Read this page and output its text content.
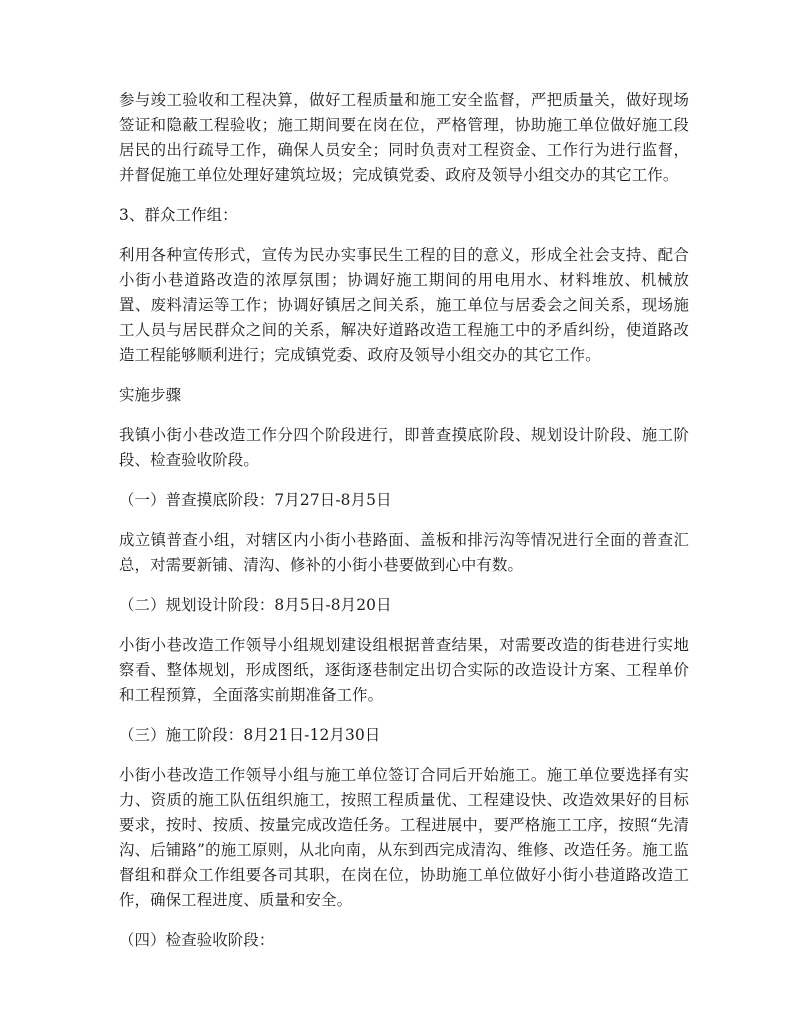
参与竣工验收和工程决算，做好工程质量和施工安全监督，严把质量关，做好现场签证和隐蔽工程验收；施工期间要在岗在位，严格管理，协助施工单位做好施工段居民的出行疏导工作，确保人员安全；同时负责对工程资金、工作行为进行监督，并督促施工单位处理好建筑垃圾；完成镇党委、政府及领导小组交办的其它工作。

3、群众工作组：

利用各种宣传形式，宣传为民办实事民生工程的目的意义，形成全社会支持、配合小街小巷道路改造的浓厚氛围；协调好施工期间的用电用水、材料堆放、机械放置、废料清运等工作；协调好镇居之间关系，施工单位与居委会之间关系，现场施工人员与居民群众之间的关系，解决好道路改造工程施工中的矛盾纠纷，使道路改造工程能够顺利进行；完成镇党委、政府及领导小组交办的其它工作。

实施步骤

我镇小街小巷改造工作分四个阶段进行，即普查摸底阶段、规划设计阶段、施工阶段、检查验收阶段。

（一）普查摸底阶段：7月27日-8月5日

成立镇普查小组，对辖区内小街小巷路面、盖板和排污沟等情况进行全面的普查汇总，对需要新铺、清沟、修补的小街小巷要做到心中有数。

（二）规划设计阶段：8月5日-8月20日

小街小巷改造工作领导小组规划建设组根据普查结果，对需要改造的街巷进行实地察看、整体规划，形成图纸，逐街逐巷制定出切合实际的改造设计方案、工程单价和工程预算，全面落实前期准备工作。

（三）施工阶段：8月21日-12月30日

小街小巷改造工作领导小组与施工单位签订合同后开始施工。施工单位要选择有实力、资质的施工队伍组织施工，按照工程质量优、工程建设快、改造效果好的目标要求，按时、按质、按量完成改造任务。工程进展中，要严格施工工序，按照“先清沟、后铺路”的施工原则，从北向南，从东到西完成清沟、维修、改造任务。施工监督组和群众工作组要各司其职，在岗在位，协助施工单位做好小街小巷道路改造工作，确保工程进度、质量和安全。

（四）检查验收阶段：
